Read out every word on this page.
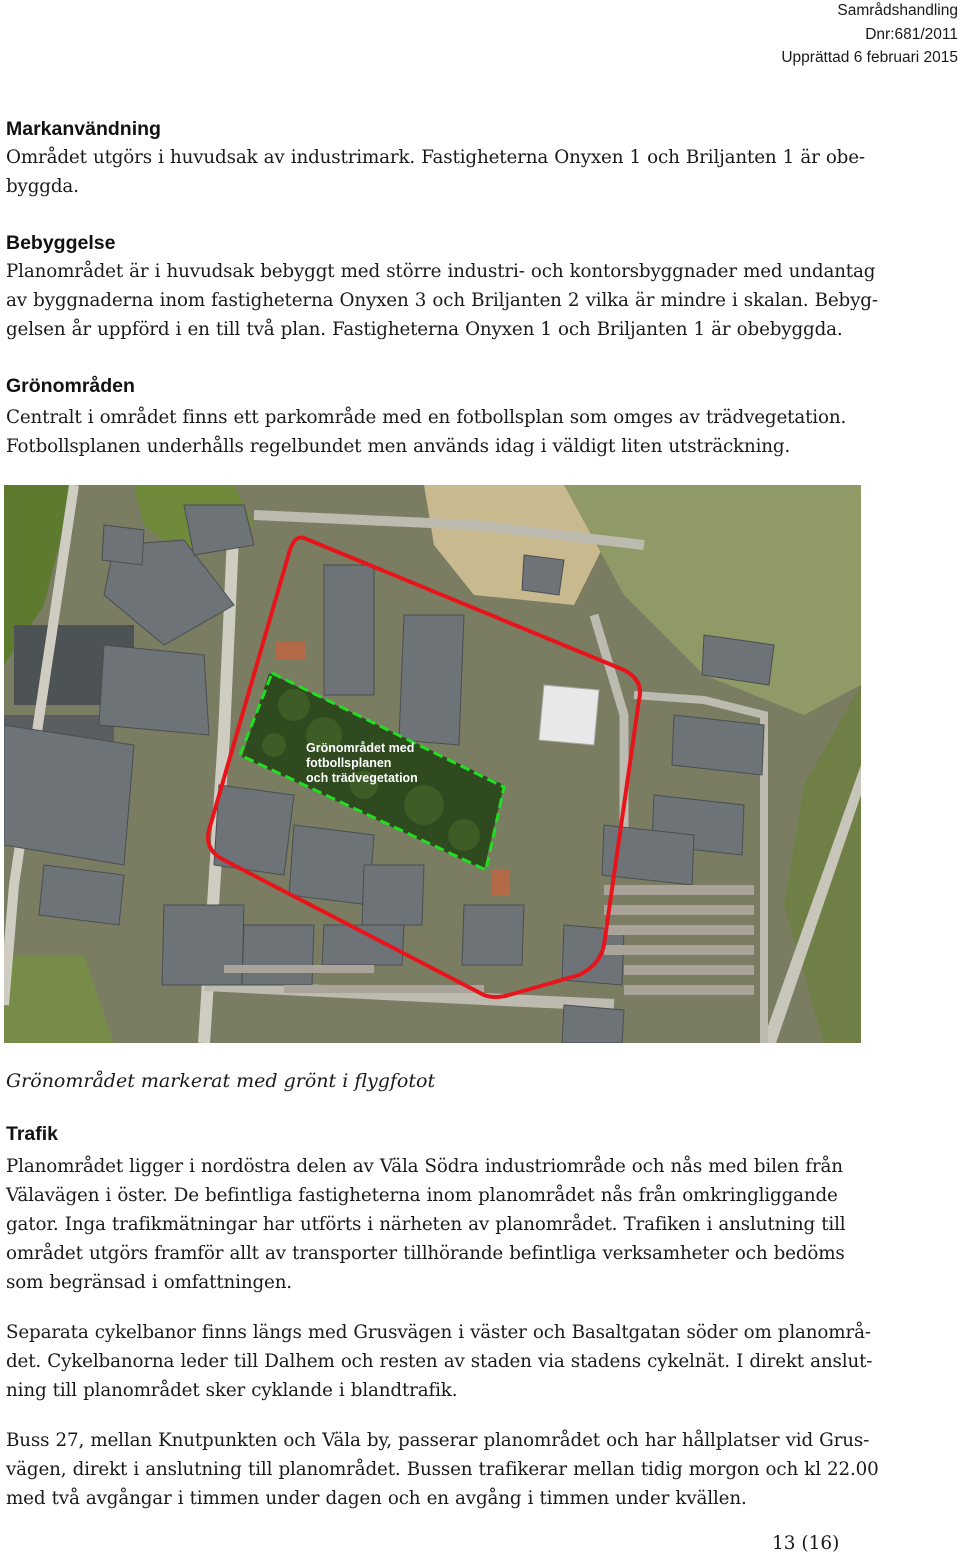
Samrådshandling
Dnr:681/2011
Upprättad 6 februari 2015
Markanvändning

Området utgörs i huvudsak av industrimark. Fastigheterna Onyxen 1 och Briljanten 1 är obe-
byggda.

Bebyggelse

Planområdet är i huvudsak bebyggt med större industri- och kontorsbyggnader med undantag
av byggnaderna inom fastigheterna Onyxen 3 och Briljanten 2 vilka är mindre i skalan. Bebyg-
gelsen år uppförd i en till två plan. Fastigheterna Onyxen 1 och Briljanten 1 är obebyggda.

Grönområden

Centralt i området finns ett parkområde med en fotbollsplan som omges av trädvegetation.
Fotbollsplanen underhålls regelbundet men används idag i väldigt liten utsträckning.

Grönområdet med
fotbollsplanen
och trädvegetation
Grönområdet markerat med grönt i flygfotot
Trafik

Planområdet ligger i nordöstra delen av Väla Södra industriområde och nås med bilen från
Välavägen i öster. De befintliga fastigheterna inom planområdet nås från omkringliggande
gator. Inga trafikmätningar har utförts i närheten av planområdet. Trafiken i anslutning till
området utgörs framför allt av transporter tillhörande befintliga verksamheter och bedöms
som begränsad i omfattningen.

Separata cykelbanor finns längs med Grusvägen i väster och Basaltgatan söder om planområ-
det. Cykelbanorna leder till Dalhem och resten av staden via stadens cykelnät. I direkt anslut-
ning till planområdet sker cyklande i blandtrafik.

Buss 27, mellan Knutpunkten och Väla by, passerar planområdet och har hållplatser vid Grus-
vägen, direkt i anslutning till planområdet. Bussen trafikerar mellan tidig morgon och kl 22.00
med två avgångar i timmen under dagen och en avgång i timmen under kvällen.

13 (16)
